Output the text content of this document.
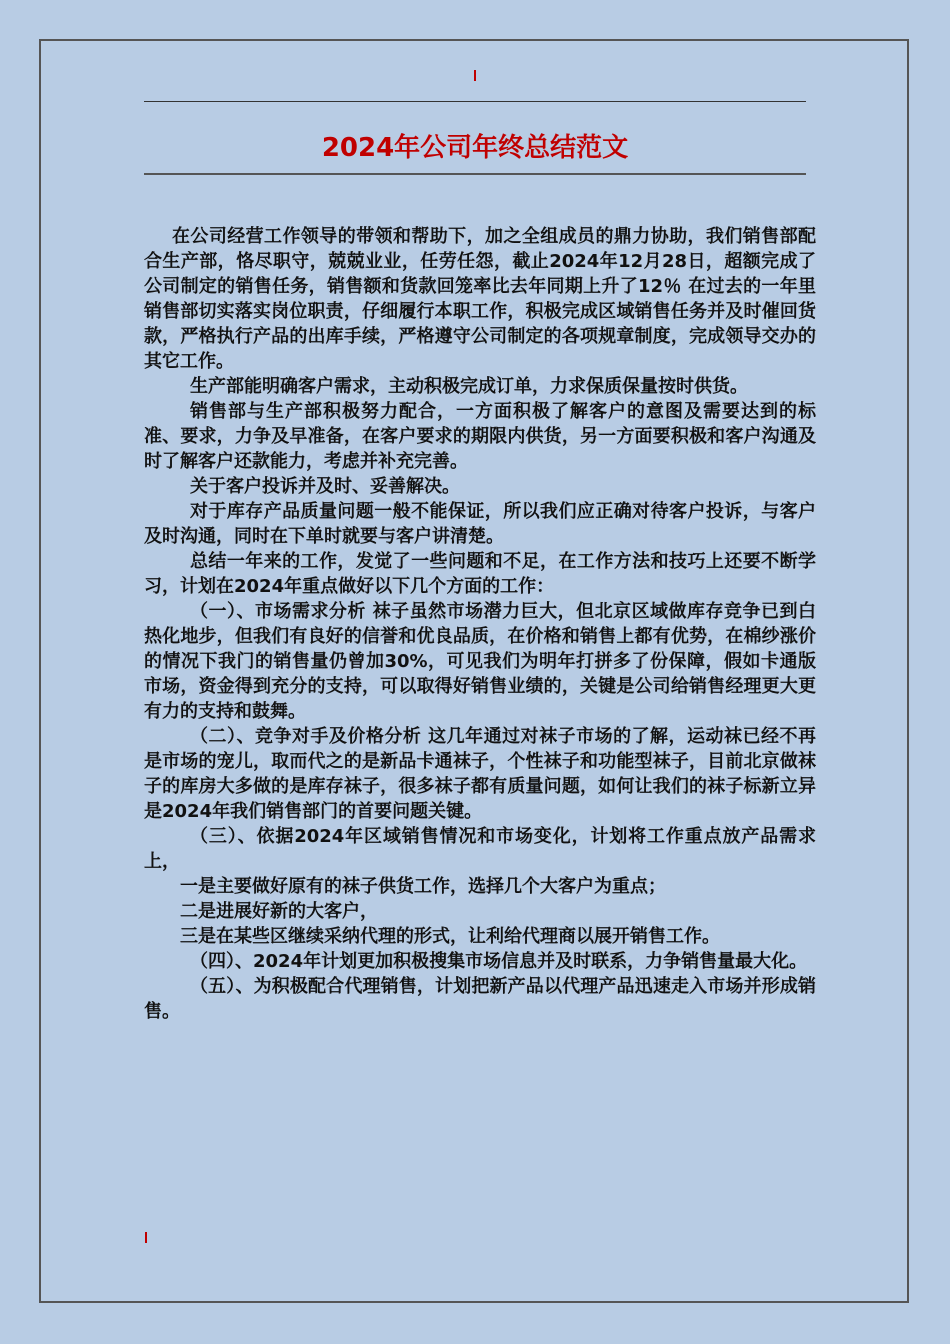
2024年公司年终总结范文

在公司经营工作领导的带领和帮助下，加之全组成员的鼎力协助，我们销售部配合生产部，恪尽职守，兢兢业业，任劳任怨，截止2024年12月28日，超额完成了公司制定的销售任务，销售额和货款回笼率比去年同期上升了12％ 在过去的一年里销售部切实落实岗位职责，仔细履行本职工作，积极完成区域销售任务并及时催回货款，严格执行产品的出库手续，严格遵守公司制定的各项规章制度，完成领导交办的其它工作。

生产部能明确客户需求，主动积极完成订单，力求保质保量按时供货。

销售部与生产部积极努力配合，一方面积极了解客户的意图及需要达到的标准、要求，力争及早准备，在客户要求的期限内供货，另一方面要积极和客户沟通及时了解客户还款能力，考虑并补充完善。

关于客户投诉并及时、妥善解决。

对于库存产品质量问题一般不能保证，所以我们应正确对待客户投诉，与客户及时沟通，同时在下单时就要与客户讲清楚。

总结一年来的工作，发觉了一些问题和不足，在工作方法和技巧上还要不断学习，计划在2024年重点做好以下几个方面的工作：

（一）、市场需求分析 袜子虽然市场潜力巨大，但北京区域做库存竞争已到白热化地步，但我们有良好的信誉和优良品质，在价格和销售上都有优势，在棉纱涨价的情况下我门的销售量仍曾加30%，可见我们为明年打拼多了份保障，假如卡通版市场，资金得到充分的支持，可以取得好销售业绩的，关键是公司给销售经理更大更有力的支持和鼓舞。

（二）、竞争对手及价格分析 这几年通过对袜子市场的了解，运动袜已经不再是市场的宠儿，取而代之的是新品卡通袜子，个性袜子和功能型袜子，目前北京做袜子的库房大多做的是库存袜子，很多袜子都有质量问题，如何让我们的袜子标新立异是2024年我们销售部门的首要问题关键。

（三）、依据2024年区域销售情况和市场变化，计划将工作重点放产品需求上，

一是主要做好原有的袜子供货工作，选择几个大客户为重点；

二是进展好新的大客户，

三是在某些区继续采纳代理的形式，让利给代理商以展开销售工作。

（四）、2024年计划更加积极搜集市场信息并及时联系，力争销售量最大化。

（五）、为积极配合代理销售，计划把新产品以代理产品迅速走入市场并形成销售。
